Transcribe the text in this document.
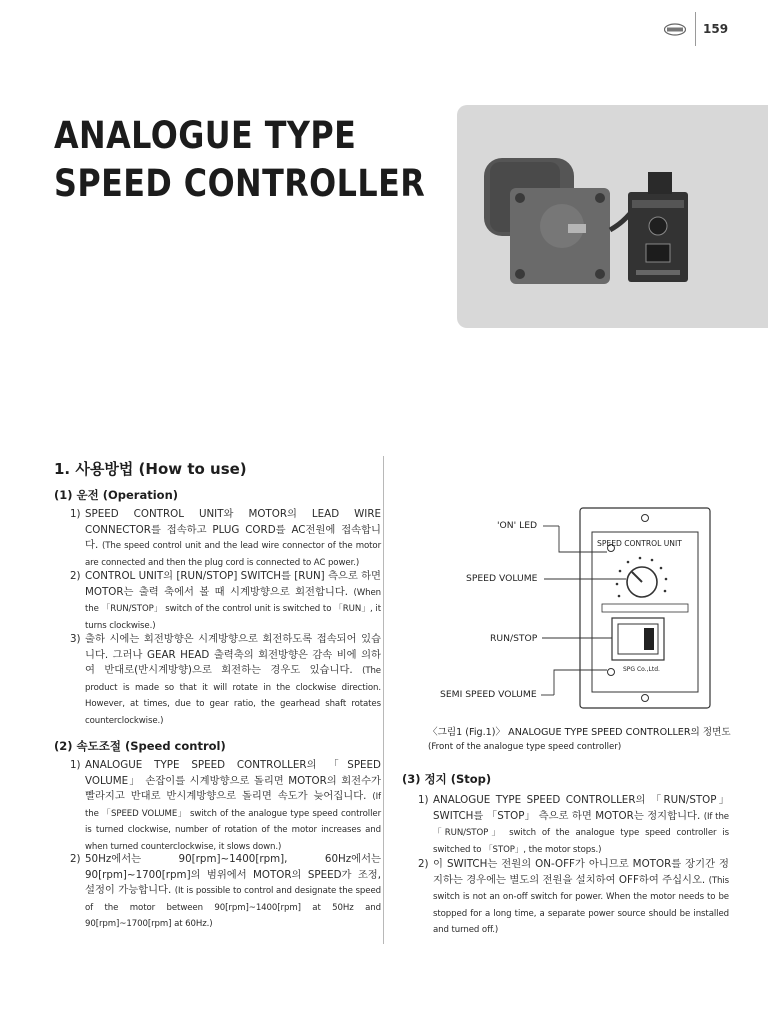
159
ANALOGUE TYPE
SPEED CONTROLLER
1. 사용방법 (How to use)
(1) 운전 (Operation)
1) SPEED CONTROL UNIT와 MOTOR의 LEAD WIRE CONNECTOR를 접속하고 PLUG CORD를 AC전원에 접속합니다. (The speed control unit and the lead wire connector of the motor are connected and then the plug cord is connected to AC power.)
2) CONTROL UNIT의 [RUN/STOP] SWITCH를 [RUN] 측으로 하면 MOTOR는 출력 축에서 볼 때 시계방향으로 회전합니다. (When the 「RUN/STOP」 switch of the control unit is switched to 「RUN」, it turns clockwise.)
3) 출하 시에는 회전방향은 시계방향으로 회전하도록 접속되어 있습니다. 그러나 GEAR HEAD 출력축의 회전방향은 감속 비에 의하여 반대로(반시계방향)으로 회전하는 경우도 있습니다. (The product is made so that it will rotate in the clockwise direction. However, at times, due to gear ratio, the gearhead shaft rotates counterclockwise.)
(2) 속도조절 (Speed control)
1) ANALOGUE TYPE SPEED CONTROLLER의 「SPEED VOLUME」 손잡이를 시계방향으로 돌리면 MOTOR의 회전수가 빨라지고 반대로 반시계방향으로 돌리면 속도가 늦어집니다. (If the 「SPEED VOLUME」 switch of the analogue type speed controller is turned clockwise, number of rotation of the motor increases and when turned counterclockwise, it slows down.)
2) 50Hz에서는 90[rpm]~1400[rpm], 60Hz에서는 90[rpm]~1700[rpm]의 범위에서 MOTOR의 SPEED가 조정, 설정이 가능합니다. (It is possible to control and designate the speed of the motor between 90[rpm]~1400[rpm] at 50Hz and 90[rpm]~1700[rpm] at 60Hz.)
'ON' LED
SPEED VOLUME
RUN/STOP
SEMI SPEED VOLUME
SPEED CONTROL UNIT
SPG Co.,Ltd.
〈그림1 (Fig.1)〉 ANALOGUE TYPE SPEED CONTROLLER의 정면도
(Front of the analogue type speed controller)
(3) 정지 (Stop)
1) ANALOGUE TYPE SPEED CONTROLLER의 「RUN/STOP」 SWITCH를 「STOP」 측으로 하면 MOTOR는 정지합니다. (If the 「RUN/STOP」 switch of the analogue type speed controller is switched to 「STOP」, the motor stops.)
2) 이 SWITCH는 전원의 ON-OFF가 아니므로 MOTOR를 장기간 정지하는 경우에는 별도의 전원을 설치하여 OFF하여 주십시오. (This switch is not an on-off switch for power. When the motor needs to be stopped for a long time, a separate power source should be installed and turned off.)
